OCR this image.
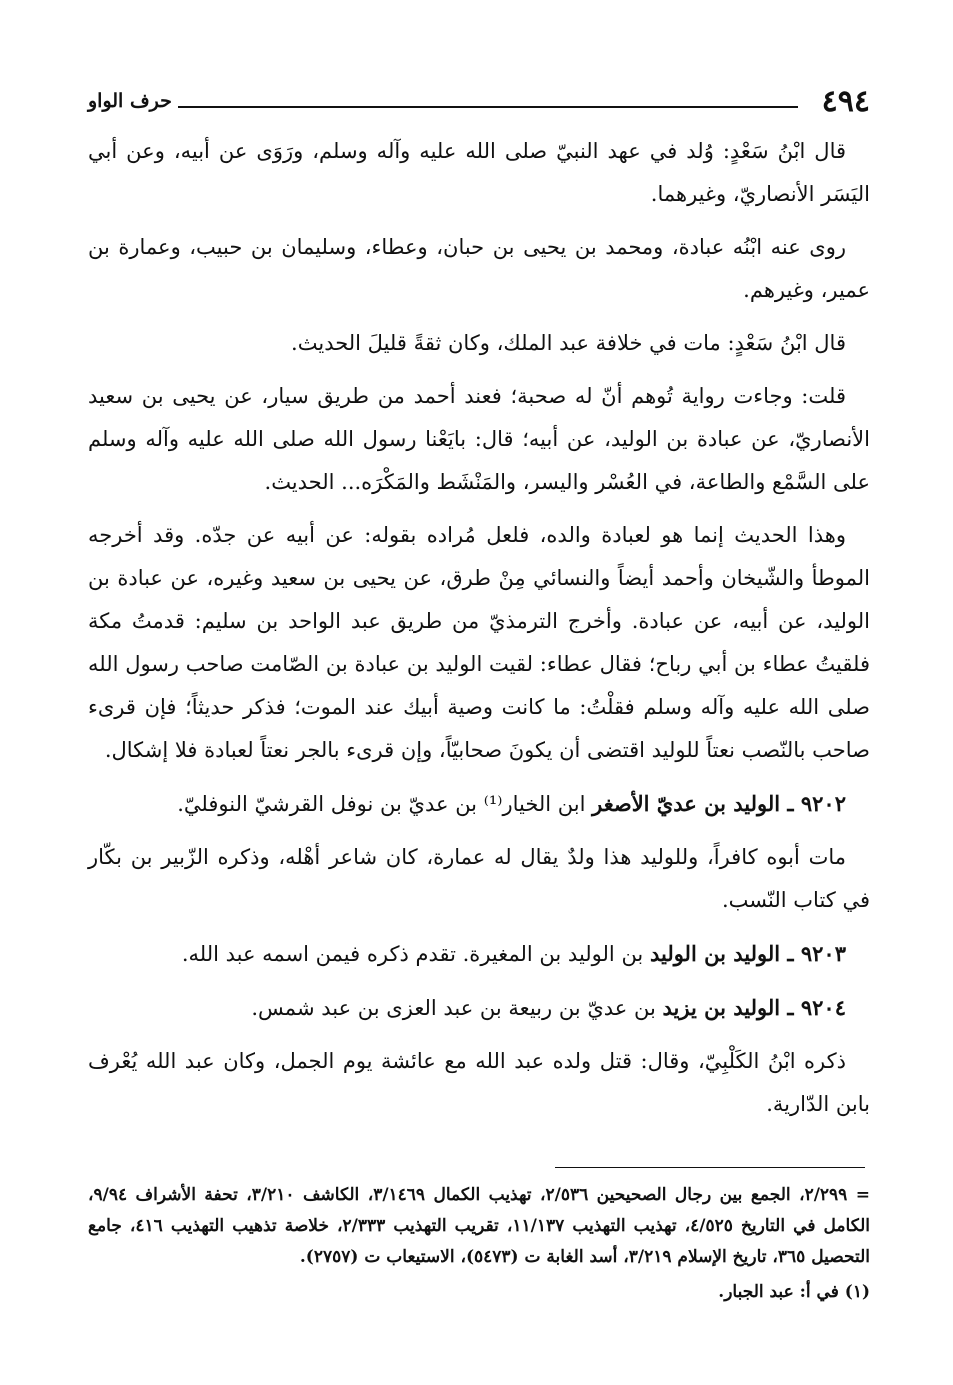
٤٩٤
حرف الواو

قال ابْنُ سَعْدٍ: وُلد في عهد النبيّ صلى الله عليه وآله وسلم، ورَوَى عن أبيه، وعن أبي اليَسَر الأنصاريّ، وغيرهما.

روى عنه ابْنُه عبادة، ومحمد بن يحيى بن حبان، وعطاء، وسليمان بن حبيب، وعمارة بن عمير، وغيرهم.

قال ابْنُ سَعْدٍ: مات في خلافة عبد الملك، وكان ثقةً قليلَ الحديث.

قلت: وجاءت رواية تُوهم أنّ له صحبة؛ فعند أحمد من طريق سيار، عن يحيى بن سعيد الأنصاريّ، عن عبادة بن الوليد، عن أبيه؛ قال: بايَعْنا رسول الله صلى الله عليه وآله وسلم على السَّمْع والطاعة، في العُسْر واليسر، والمَنْشَط والمَكْرَه... الحديث.

وهذا الحديث إنما هو لعبادة والده، فلعل مُراده بقوله: عن أبيه عن جدّه. وقد أخرجه الموطأ والشّيخان وأحمد أيضاً والنسائي مِنْ طرق، عن يحيى بن سعيد وغيره، عن عبادة بن الوليد، عن أبيه، عن عبادة. وأخرج الترمذيّ من طريق عبد الواحد بن سليم: قدمتُ مكة فلقيتُ عطاء بن أبي رباح؛ فقال عطاء: لقيت الوليد بن عبادة بن الصّامت صاحب رسول الله صلى الله عليه وآله وسلم فقلْتُ: ما كانت وصية أبيك عند الموت؛ فذكر حديثاً؛ فإن قرىء صاحب بالنّصب نعتاً للوليد اقتضى أن يكونَ صحابيّاً، وإن قرىء بالجر نعتاً لعبادة فلا إشكال.

٩٢٠٢ ـ الوليد بن عديّ الأصغر ابن الخيار⁽¹⁾ بن عديّ بن نوفل القرشيّ النوفليّ.

مات أبوه كافراً، وللوليد هذا ولدٌ يقال له عمارة، كان شاعر أهْله، وذكره الزّبير بن بكّار في كتاب النّسب.

٩٢٠٣ ـ الوليد بن الوليد بن الوليد بن المغيرة. تقدم ذكره فيمن اسمه عبد الله.

٩٢٠٤ ـ الوليد بن يزيد بن عديّ بن ربيعة بن عبد العزى بن عبد شمس.

ذكره ابْنُ الكَلْبِيّ، وقال: قتل ولده عبد الله مع عائشة يوم الجمل، وكان عبد الله يُعْرف بابن الدّارية.

= ٢/٢٩٩، الجمع بين رجال الصحيحين ٢/٥٣٦، تهذيب الكمال ٣/١٤٦٩، الكاشف ٣/٢١٠، تحفة الأشراف ٩/٩٤، الكامل في التاريخ ٤/٥٢٥، تهذيب التهذيب ١١/١٣٧، تقريب التهذيب ٢/٣٣٣، خلاصة تذهيب التهذيب ٤١٦، جامع التحصيل ٣٦٥، تاريخ الإسلام ٣/٢١٩، أسد الغابة ت (٥٤٧٣)، الاستيعاب ت (٢٧٥٧).

(١) في أ: عبد الجبار.
